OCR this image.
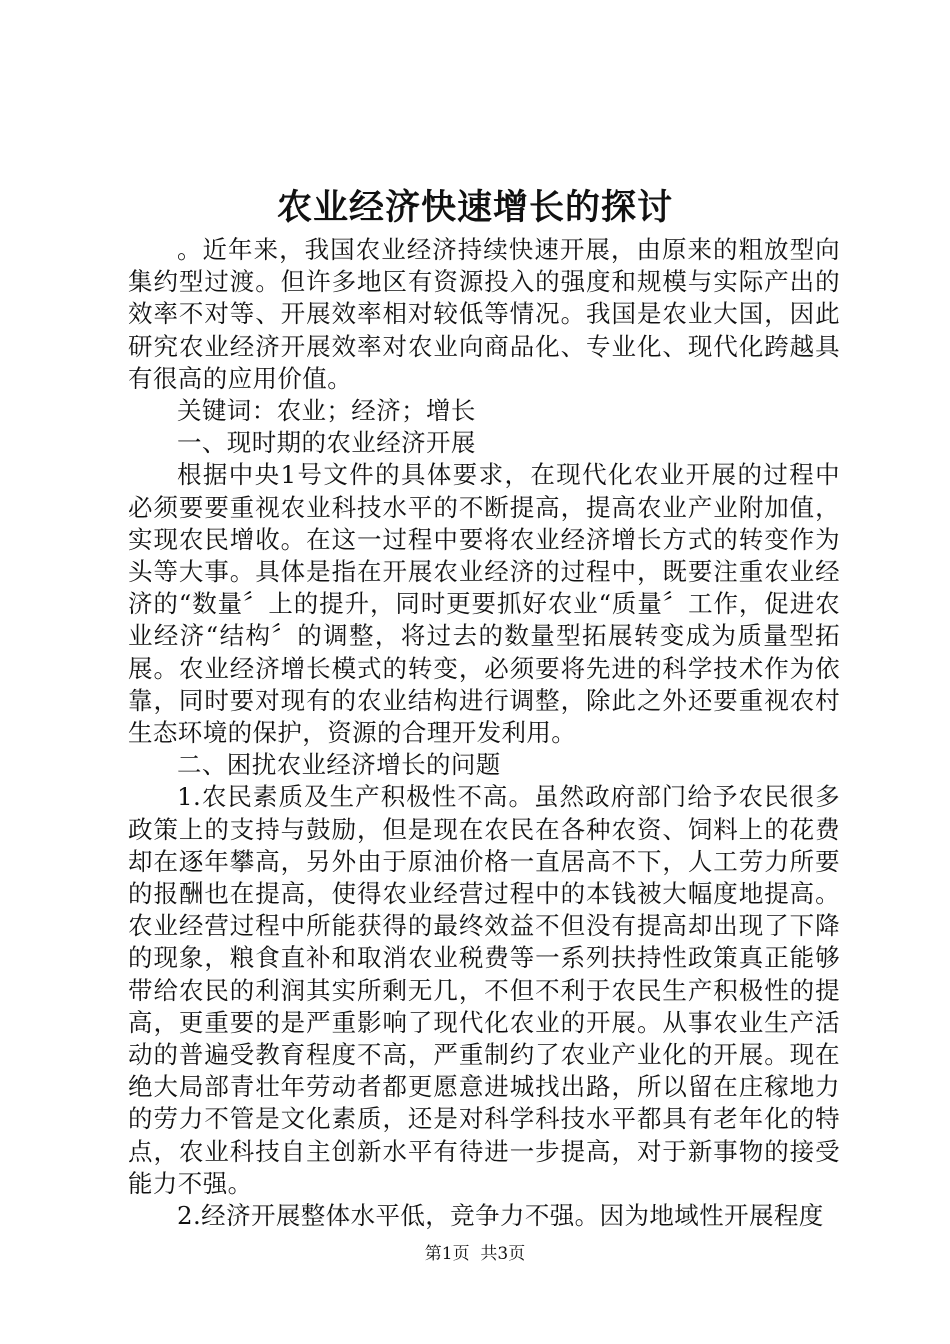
农业经济快速增长的探讨

。近年来，我国农业经济持续快速开展，由原来的粗放型向集约型过渡。但许多地区有资源投入的强度和规模与实际产出的效率不对等、开展效率相对较低等情况。我国是农业大国，因此研究农业经济开展效率对农业向商品化、专业化、现代化跨越具有很高的应用价值。

关键词：农业；经济；增长

一、现时期的农业经济开展

根据中央1号文件的具体要求，在现代化农业开展的过程中必须要要重视农业科技水平的不断提高，提高农业产业附加值，实现农民增收。在这一过程中要将农业经济增长方式的转变作为头等大事。具体是指在开展农业经济的过程中，既要注重农业经济的“数量〞上的提升，同时更要抓好农业“质量〞工作，促进农业经济“结构〞的调整，将过去的数量型拓展转变成为质量型拓展。农业经济增长模式的转变，必须要将先进的科学技术作为依靠，同时要对现有的农业结构进行调整，除此之外还要重视农村生态环境的保护，资源的合理开发利用。

二、困扰农业经济增长的问题

1.农民素质及生产积极性不高。虽然政府部门给予农民很多政策上的支持与鼓励，但是现在农民在各种农资、饲料上的花费却在逐年攀高，另外由于原油价格一直居高不下，人工劳力所要的报酬也在提高，使得农业经营过程中的本钱被大幅度地提高。农业经营过程中所能获得的最终效益不但没有提高却出现了下降的现象，粮食直补和取消农业税费等一系列扶持性政策真正能够带给农民的利润其实所剩无几，不但不利于农民生产积极性的提高，更重要的是严重影响了现代化农业的开展。从事农业生产活动的普遍受教育程度不高，严重制约了农业产业化的开展。现在绝大局部青壮年劳动者都更愿意进城找出路，所以留在庄稼地力的劳力不管是文化素质，还是对科学科技水平都具有老年化的特点，农业科技自主创新水平有待进一步提高，对于新事物的接受能力不强。

2.经济开展整体水平低，竞争力不强。因为地域性开展程度

第1页 共3页
